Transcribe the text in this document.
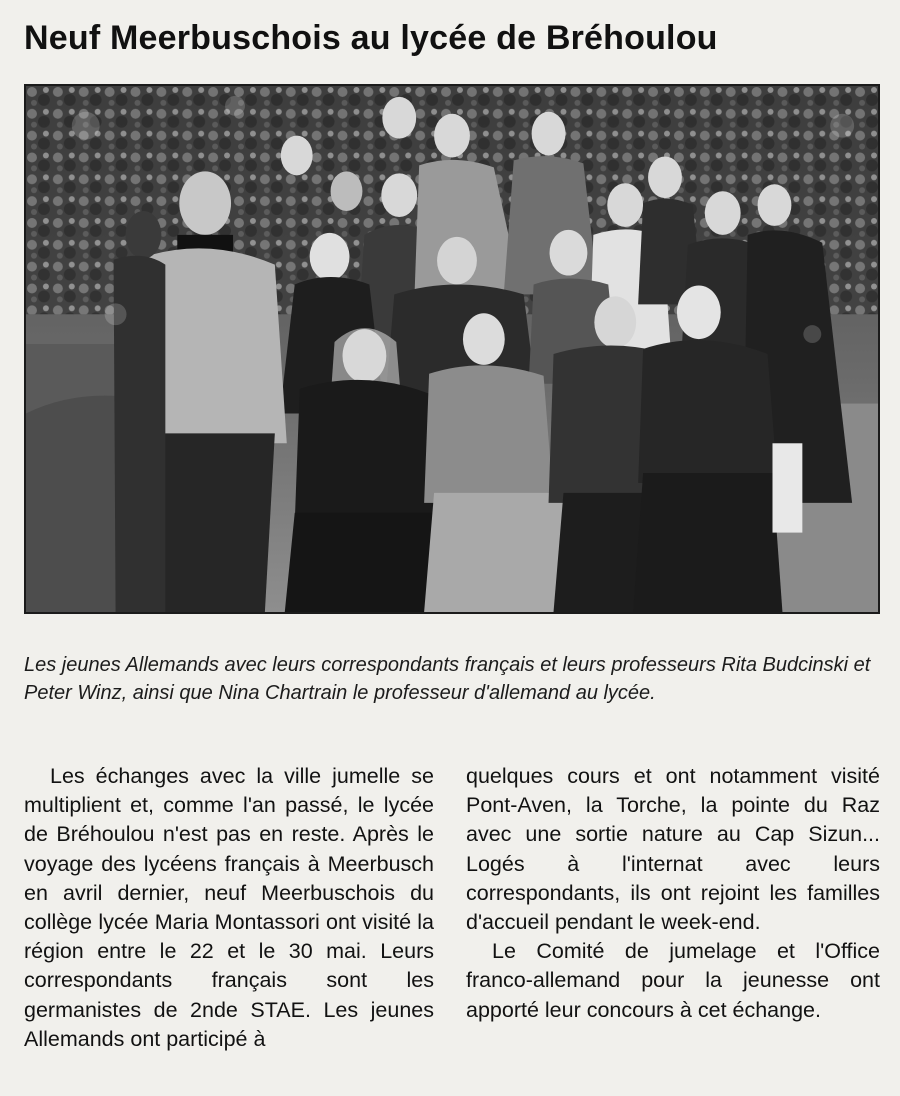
Neuf Meerbuschois au lycée de Bréhoulou

Les jeunes Allemands avec leurs correspondants français et leurs professeurs Rita Budcinski et Peter Winz, ainsi que Nina Chartrain le professeur d'allemand au lycée.

Les échanges avec la ville jumelle se multiplient et, comme l'an passé, le lycée de Bréhoulou n'est pas en reste. Après le voyage des lycéens français à Meerbusch en avril dernier, neuf Meerbuschois du collège lycée Maria Montassori ont visité la région entre le 22 et le 30 mai. Leurs correspondants français sont les germanistes de 2nde STAE. Les jeunes Allemands ont participé à

quelques cours et ont notamment visité Pont-Aven, la Torche, la pointe du Raz avec une sortie nature au Cap Sizun... Logés à l'internat avec leurs correspondants, ils ont rejoint les familles d'accueil pendant le week-end.

Le Comité de jumelage et l'Office franco-allemand pour la jeunesse ont apporté leur concours à cet échange.
